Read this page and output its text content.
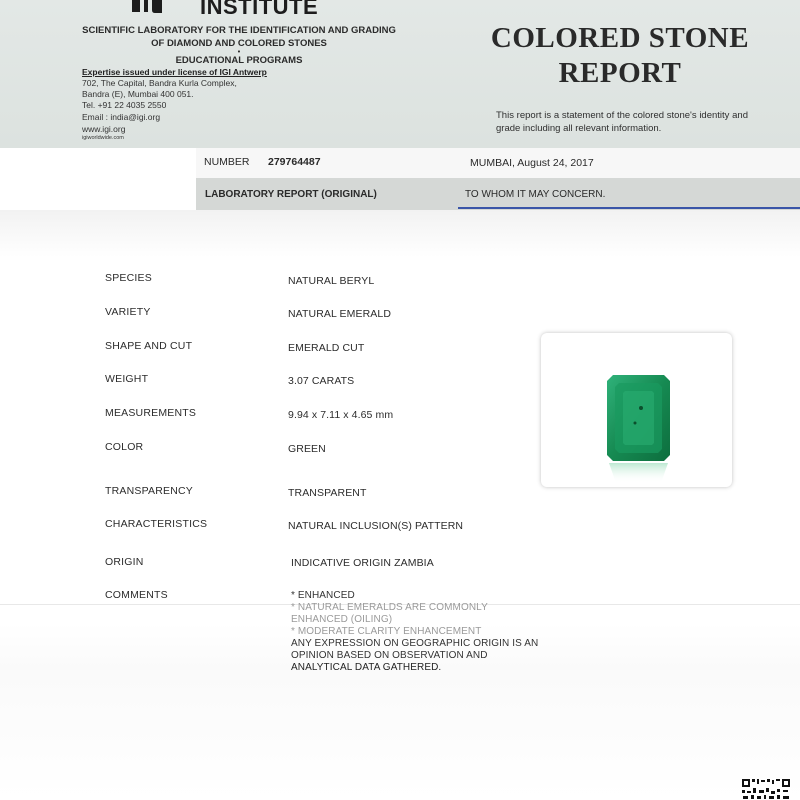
INSTITUTE
SCIENTIFIC LABORATORY FOR THE IDENTIFICATION AND GRADING
OF DIAMOND AND COLORED STONES
•
EDUCATIONAL PROGRAMS
Expertise issued under license of IGI Antwerp
702, The Capital, Bandra Kurla Complex,
Bandra (E), Mumbai 400 051.
Tel. +91 22 4035 2550
Email : india@igi.org
www.igi.org
igiworldwide.com
COLORED STONE
REPORT
This report is a statement of the colored stone's identity and grade including all relevant information.
NUMBER 279764487	MUMBAI, August 24, 2017
LABORATORY REPORT (ORIGINAL)	TO WHOM IT MAY CONCERN.
SPECIES	NATURAL BERYL
VARIETY	NATURAL EMERALD
SHAPE AND CUT	EMERALD CUT
WEIGHT	3.07 CARATS
MEASUREMENTS	9.94 x 7.11 x 4.65 mm
COLOR	GREEN
TRANSPARENCY	TRANSPARENT
CHARACTERISTICS	NATURAL INCLUSION(S) PATTERN
ORIGIN	INDICATIVE ORIGIN ZAMBIA
COMMENTS	* ENHANCED
* NATURAL EMERALDS ARE COMMONLY
ENHANCED (OILING)
* MODERATE CLARITY ENHANCEMENT
ANY EXPRESSION ON GEOGRAPHIC ORIGIN IS AN
OPINION BASED ON OBSERVATION AND
ANALYTICAL DATA GATHERED.
